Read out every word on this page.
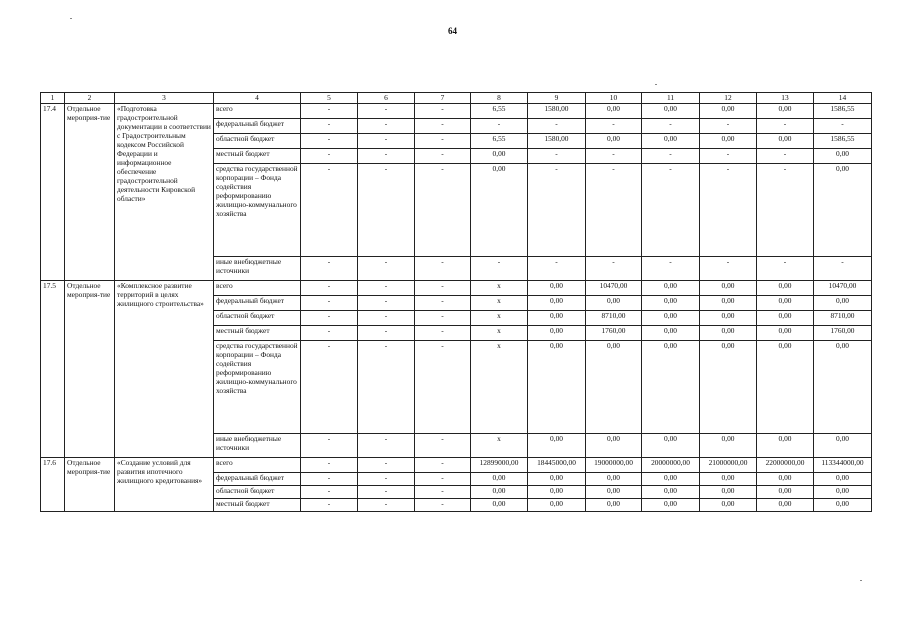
64
1	2	3	4	5	6	7	8	9	10	11	12	13	14
17.4	Отдельное мероприя-тие	«Подготовка градостроительной документации в соответствии с Градостроительным кодексом Российской Федерации и информационное обеспечение градостроительной деятельности Кировской области»	всего	-	-	-	6,55	1580,00	0,00	0,00	0,00	0,00	1586,55
			федеральный бюджет	-	-	-	-	-	-	-	-	-	-
			областной бюджет	-	-	-	6,55	1580,00	0,00	0,00	0,00	0,00	1586,55
			местный бюджет	-	-	-	0,00	-	-	-	-	-	0,00
			средства государственной корпорации – Фонда содействия реформированию жилищно-коммунального хозяйства	-	-	-	0,00	-	-	-	-	-	0,00
			иные внебюджетные источники	-	-	-	-	-	-	-	-	-	-
17.5	Отдельное мероприя-тие	«Комплексное развитие территорий в целях жилищного строительства»	всего	-	-	-	x	0,00	10470,00	0,00	0,00	0,00	10470,00
			федеральный бюджет	-	-	-	x	0,00	0,00	0,00	0,00	0,00	0,00
			областной бюджет	-	-	-	x	0,00	8710,00	0,00	0,00	0,00	8710,00
			местный бюджет	-	-	-	x	0,00	1760,00	0,00	0,00	0,00	1760,00
			средства государственной корпорации – Фонда содействия реформированию жилищно-коммунального хозяйства	-	-	-	x	0,00	0,00	0,00	0,00	0,00	0,00
			иные внебюджетные источники	-	-	-	x	0,00	0,00	0,00	0,00	0,00	0,00
17.6	Отдельное мероприя-тие	«Создание условий для развития ипотечного жилищного кредитования»	всего	-	-	-	12899000,00	18445000,00	19000000,00	20000000,00	21000000,00	22000000,00	113344000,00
			федеральный бюджет	-	-	-	0,00	0,00	0,00	0,00	0,00	0,00	0,00
			областной бюджет	-	-	-	0,00	0,00	0,00	0,00	0,00	0,00	0,00
			местный бюджет	-	-	-	0,00	0,00	0,00	0,00	0,00	0,00	0,00
